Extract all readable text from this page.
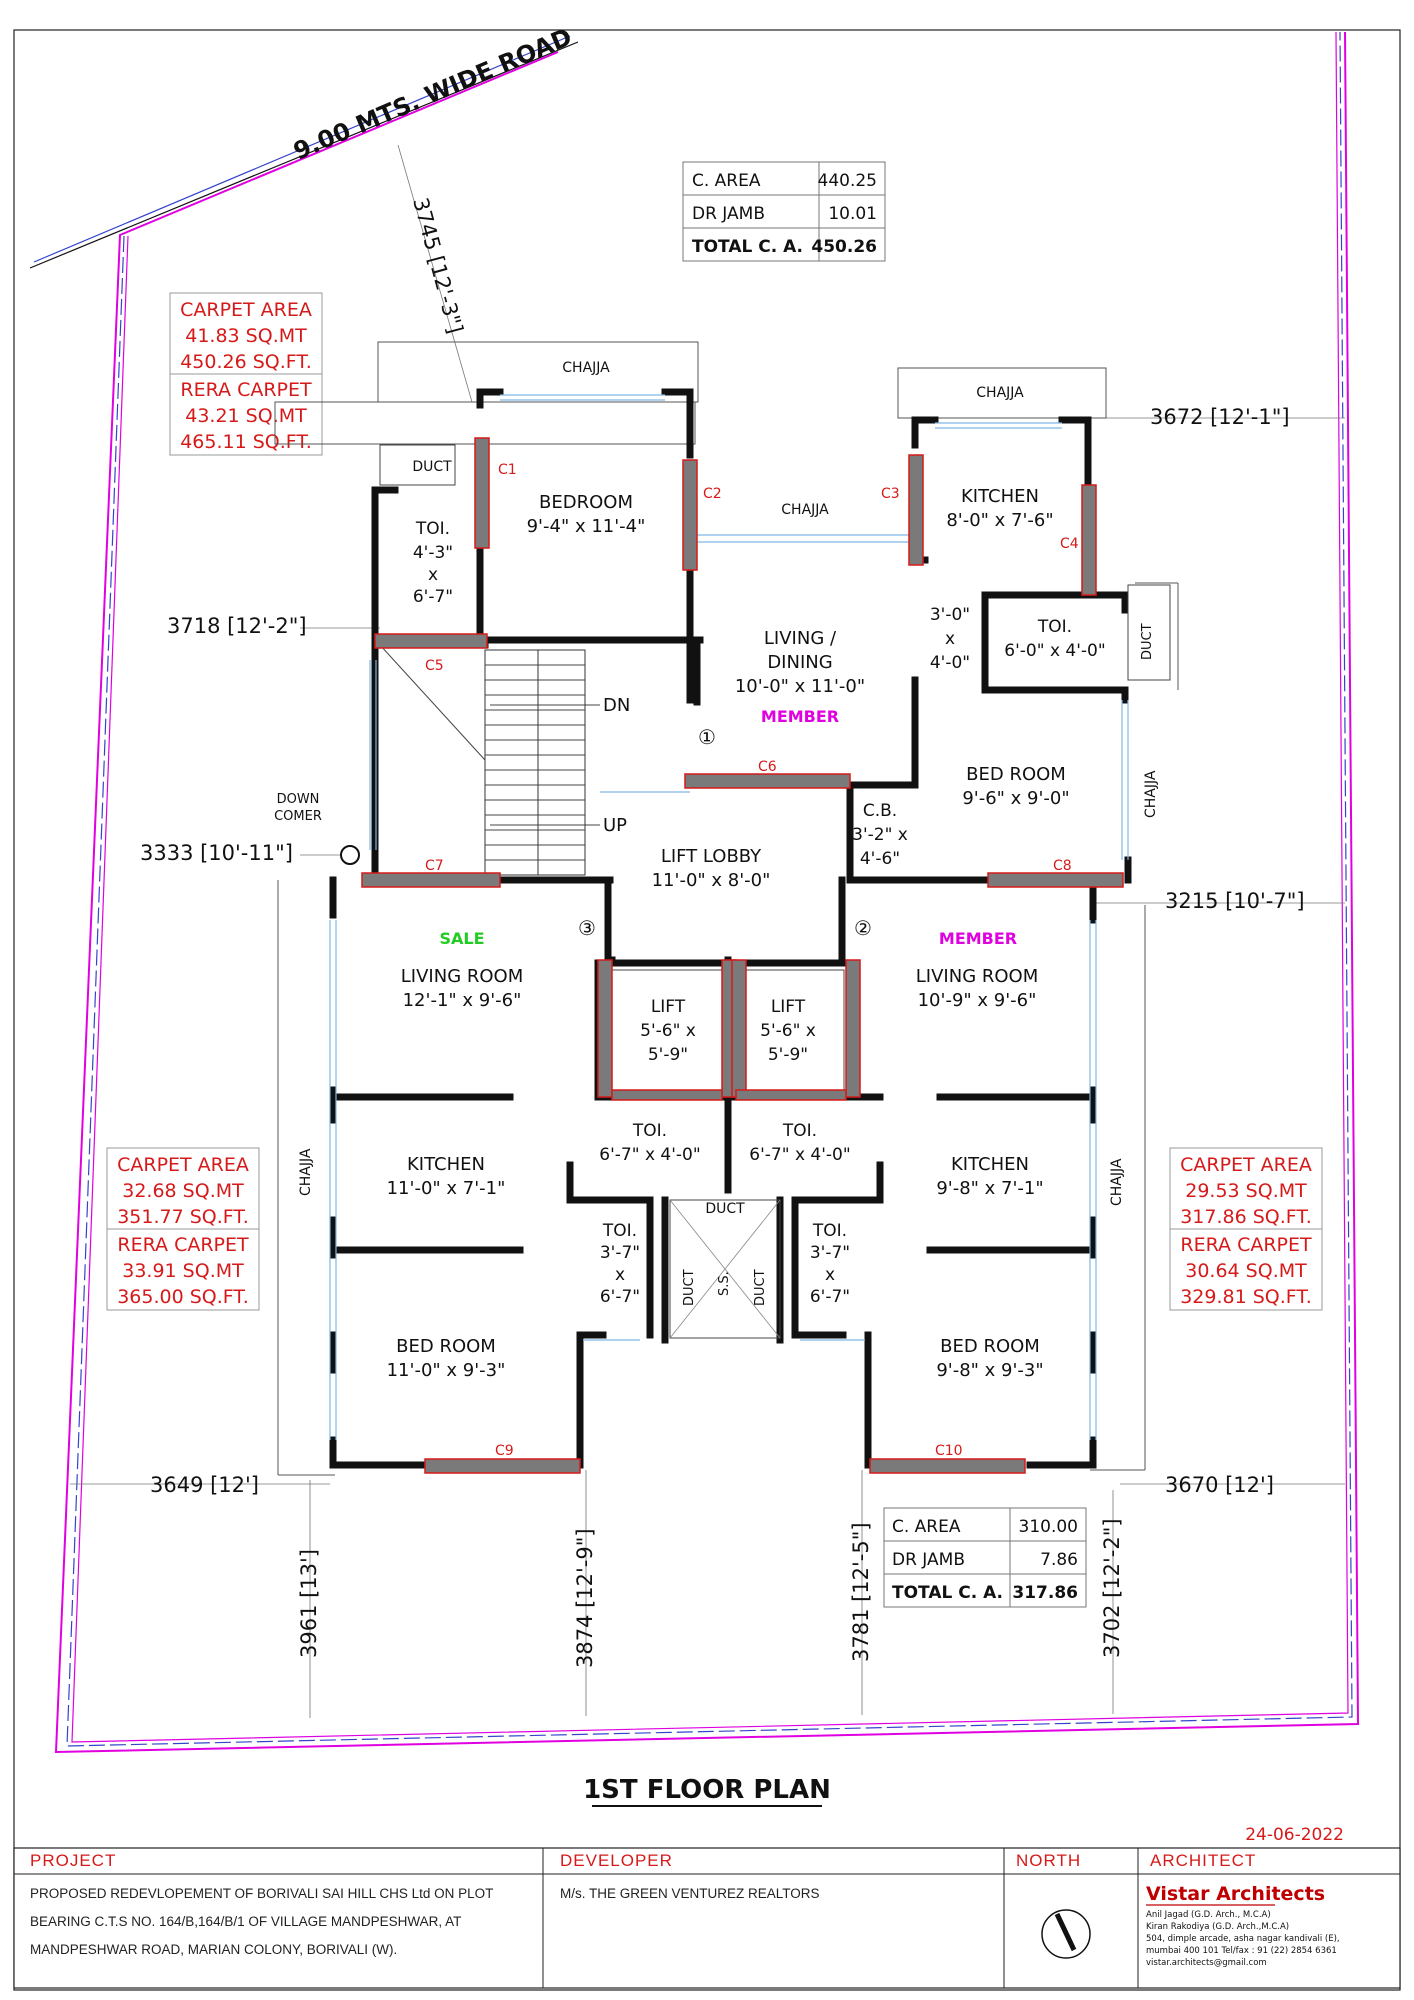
9.00 MTS. WIDE ROAD
C. AREA	440.25
DR JAMB	10.01
TOTAL C. A. 450.26
CARPET AREA
41.83 SQ.MT
450.26 SQ.FT.
RERA CARPET
43.21 SQ.MT
465.11 SQ.FT.
CARPET AREA
32.68 SQ.MT
351.77 SQ.FT.
RERA CARPET
33.91 SQ.MT
365.00 SQ.FT.
CARPET AREA
29.53 SQ.MT
317.86 SQ.FT.
RERA CARPET
30.64 SQ.MT
329.81 SQ.FT.
3745 [12'-3"]
3672 [12'-1"]
3718 [12'-2"]
3333 [10'-11"]
3215 [10'-7"]
3649 [12']	3670 [12']
3961 [13']	3874 [12'-9"]	3781 [12'-5"]	3702 [12'-2"]
DN
UP
DOWN
COMER
C1
C2	C3
C4
C5
C6
C7	C8
C9	C10
CHAJJA
CHAJJA
CHAJJA
CHAJJA
CHAJJA	CHAJJA
DUCT
DUCT
DUCT
DUCT	DUCT
S.S.
BEDROOM
9'-4" x 11'-4"
TOI.
4'-3"
x
6'-7"
KITCHEN
8'-0" x 7'-6"
TOI.
6'-0" x 4'-0"
3'-0"
x
4'-0"
LIVING /
DINING
10'-0" x 11'-0"
BED ROOM
9'-6" x 9'-0"
C.B.
3'-2" x
4'-6"
LIFT LOBBY
11'-0" x 8'-0"
LIFT
5'-6" x
5'-9"
LIFT
5'-6" x
5'-9"
LIVING ROOM
12'-1" x 9'-6"
LIVING ROOM
10'-9" x 9'-6"
TOI.
6'-7" x 4'-0"
TOI.
6'-7" x 4'-0"
KITCHEN
11'-0" x 7'-1"
KITCHEN
9'-8" x 7'-1"
TOI.
3'-7"
x
6'-7"
TOI.
3'-7"
x
6'-7"
BED ROOM
11'-0" x 9'-3"
BED ROOM
9'-8" x 9'-3"
MEMBER
MEMBER
SALE
①
②
③
C. AREA	310.00
DR JAMB	7.86
TOTAL C. A. 317.86
1ST FLOOR PLAN
24-06-2022
Vistar Architects
Anil Jagad (G.D. Arch., M.C.A)
Kiran Rakodiya (G.D. Arch.,M.C.A)
504, dimple arcade, asha nagar kandivali (E),
mumbai 400 101 Tel/fax : 91 (22) 2854 6361
vistar.architects@gmail.com
PROJECT	DEVELOPER	NORTH	ARCHITECT
PROPOSED REDEVLOPEMENT OF BORIVALI SAI HILL CHS Ltd ON PLOT
BEARING C.T.S NO. 164/B,164/B/1 OF VILLAGE MANDPESHWAR, AT
MANDPESHWAR ROAD, MARIAN COLONY, BORIVALI (W).
M/s. THE GREEN VENTUREZ REALTORS
